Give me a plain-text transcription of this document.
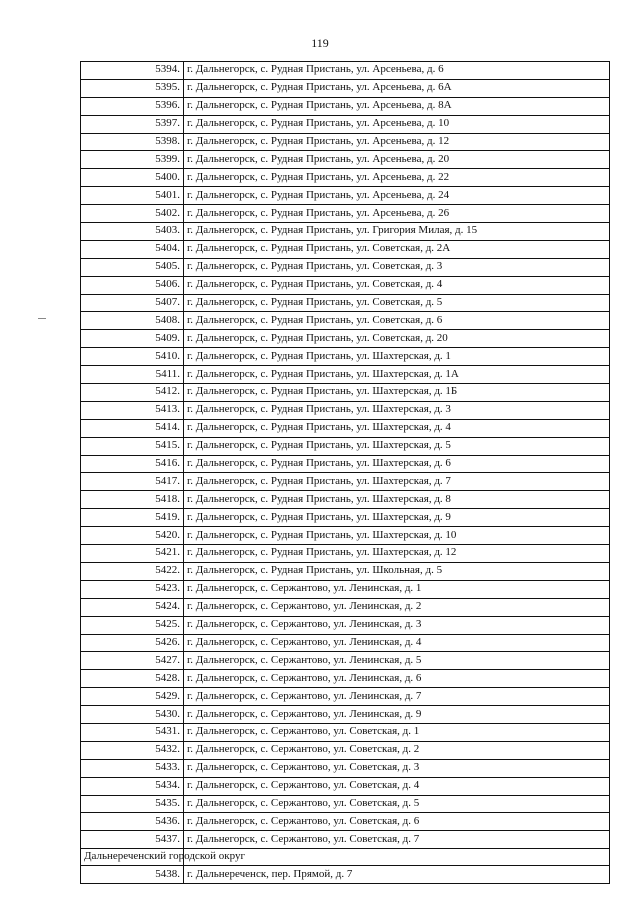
119
5394.	г. Дальнегорск, с. Рудная Пристань, ул. Арсеньева, д. 6
5395.	г. Дальнегорск, с. Рудная Пристань, ул. Арсеньева, д. 6А
5396.	г. Дальнегорск, с. Рудная Пристань, ул. Арсеньева, д. 8А
5397.	г. Дальнегорск, с. Рудная Пристань, ул. Арсеньева, д. 10
5398.	г. Дальнегорск, с. Рудная Пристань, ул. Арсеньева, д. 12
5399.	г. Дальнегорск, с. Рудная Пристань, ул. Арсеньева, д. 20
5400.	г. Дальнегорск, с. Рудная Пристань, ул. Арсеньева, д. 22
5401.	г. Дальнегорск, с. Рудная Пристань, ул. Арсеньева, д. 24
5402.	г. Дальнегорск, с. Рудная Пристань, ул. Арсеньева, д. 26
5403.	г. Дальнегорск, с. Рудная Пристань, ул. Григория Милая, д. 15
5404.	г. Дальнегорск, с. Рудная Пристань, ул. Советская, д. 2А
5405.	г. Дальнегорск, с. Рудная Пристань, ул. Советская, д. 3
5406.	г. Дальнегорск, с. Рудная Пристань, ул. Советская, д. 4
5407.	г. Дальнегорск, с. Рудная Пристань, ул. Советская, д. 5
5408.	г. Дальнегорск, с. Рудная Пристань, ул. Советская, д. 6
5409.	г. Дальнегорск, с. Рудная Пристань, ул. Советская, д. 20
5410.	г. Дальнегорск, с. Рудная Пристань, ул. Шахтерская, д. 1
5411.	г. Дальнегорск, с. Рудная Пристань, ул. Шахтерская, д. 1А
5412.	г. Дальнегорск, с. Рудная Пристань, ул. Шахтерская, д. 1Б
5413.	г. Дальнегорск, с. Рудная Пристань, ул. Шахтерская, д. 3
5414.	г. Дальнегорск, с. Рудная Пристань, ул. Шахтерская, д. 4
5415.	г. Дальнегорск, с. Рудная Пристань, ул. Шахтерская, д. 5
5416.	г. Дальнегорск, с. Рудная Пристань, ул. Шахтерская, д. 6
5417.	г. Дальнегорск, с. Рудная Пристань, ул. Шахтерская, д. 7
5418.	г. Дальнегорск, с. Рудная Пристань, ул. Шахтерская, д. 8
5419.	г. Дальнегорск, с. Рудная Пристань, ул. Шахтерская, д. 9
5420.	г. Дальнегорск, с. Рудная Пристань, ул. Шахтерская, д. 10
5421.	г. Дальнегорск, с. Рудная Пристань, ул. Шахтерская, д. 12
5422.	г. Дальнегорск, с. Рудная Пристань, ул. Школьная, д. 5
5423.	г. Дальнегорск, с. Сержантово, ул. Ленинская, д. 1
5424.	г. Дальнегорск, с. Сержантово, ул. Ленинская, д. 2
5425.	г. Дальнегорск, с. Сержантово, ул. Ленинская, д. 3
5426.	г. Дальнегорск, с. Сержантово, ул. Ленинская, д. 4
5427.	г. Дальнегорск, с. Сержантово, ул. Ленинская, д. 5
5428.	г. Дальнегорск, с. Сержантово, ул. Ленинская, д. 6
5429.	г. Дальнегорск, с. Сержантово, ул. Ленинская, д. 7
5430.	г. Дальнегорск, с. Сержантово, ул. Ленинская, д. 9
5431.	г. Дальнегорск, с. Сержантово, ул. Советская, д. 1
5432.	г. Дальнегорск, с. Сержантово, ул. Советская, д. 2
5433.	г. Дальнегорск, с. Сержантово, ул. Советская, д. 3
5434.	г. Дальнегорск, с. Сержантово, ул. Советская, д. 4
5435.	г. Дальнегорск, с. Сержантово, ул. Советская, д. 5
5436.	г. Дальнегорск, с. Сержантово, ул. Советская, д. 6
5437.	г. Дальнегорск, с. Сержантово, ул. Советская, д. 7
Дальнереченский городской округ	
5438.	г. Дальнереченск, пер. Прямой, д. 7
